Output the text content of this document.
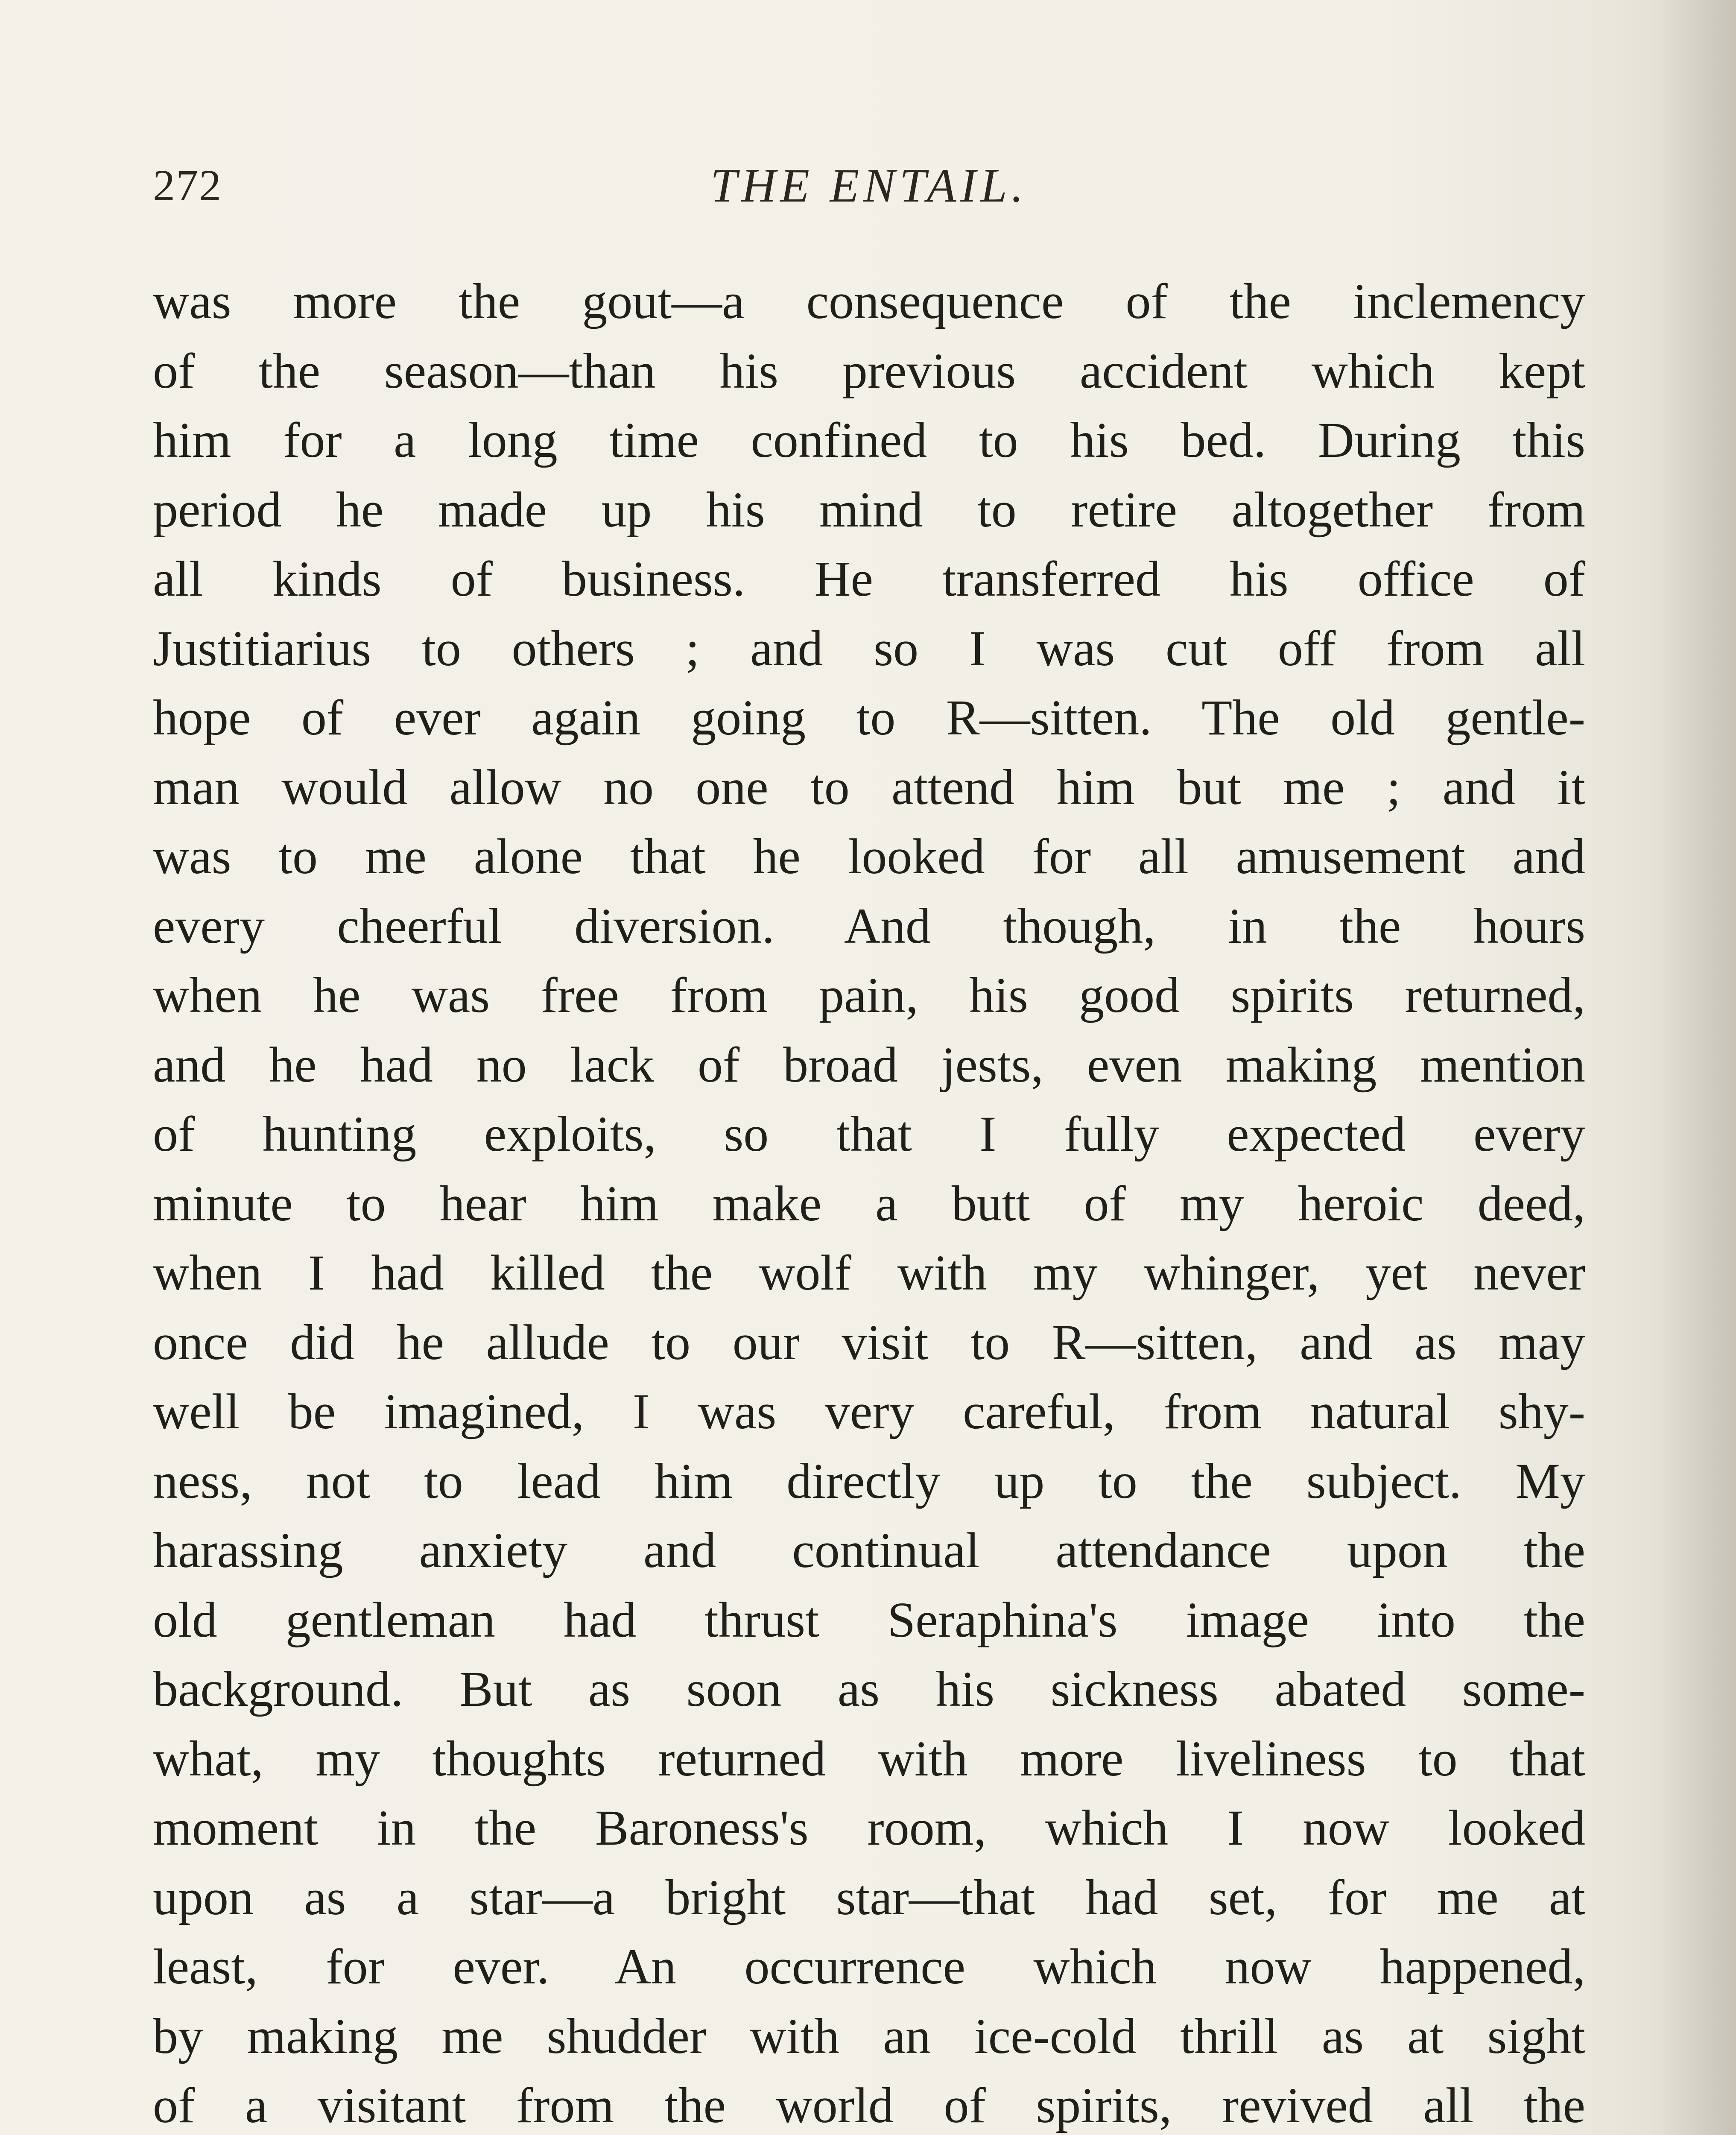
272	THE ENTAIL.
was more the gout—a consequence of the inclemency
of the season—than his previous accident which kept
him for a long time confined to his bed. During this
period he made up his mind to retire altogether from
all kinds of business. He transferred his office of
Justitiarius to others ; and so I was cut off from all
hope of ever again going to R—sitten. The old gentle-
man would allow no one to attend him but me ; and it
was to me alone that he looked for all amusement and
every cheerful diversion. And though, in the hours
when he was free from pain, his good spirits returned,
and he had no lack of broad jests, even making mention
of hunting exploits, so that I fully expected every
minute to hear him make a butt of my heroic deed,
when I had killed the wolf with my whinger, yet never
once did he allude to our visit to R—sitten, and as may
well be imagined, I was very careful, from natural shy-
ness, not to lead him directly up to the subject. My
harassing anxiety and continual attendance upon the
old gentleman had thrust Seraphina's image into the
background. But as soon as his sickness abated some-
what, my thoughts returned with more liveliness to that
moment in the Baroness's room, which I now looked
upon as a star—a bright star—that had set, for me at
least, for ever. An occurrence which now happened,
by making me shudder with an ice-cold thrill as at sight
of a visitant from the world of spirits, revived all the
